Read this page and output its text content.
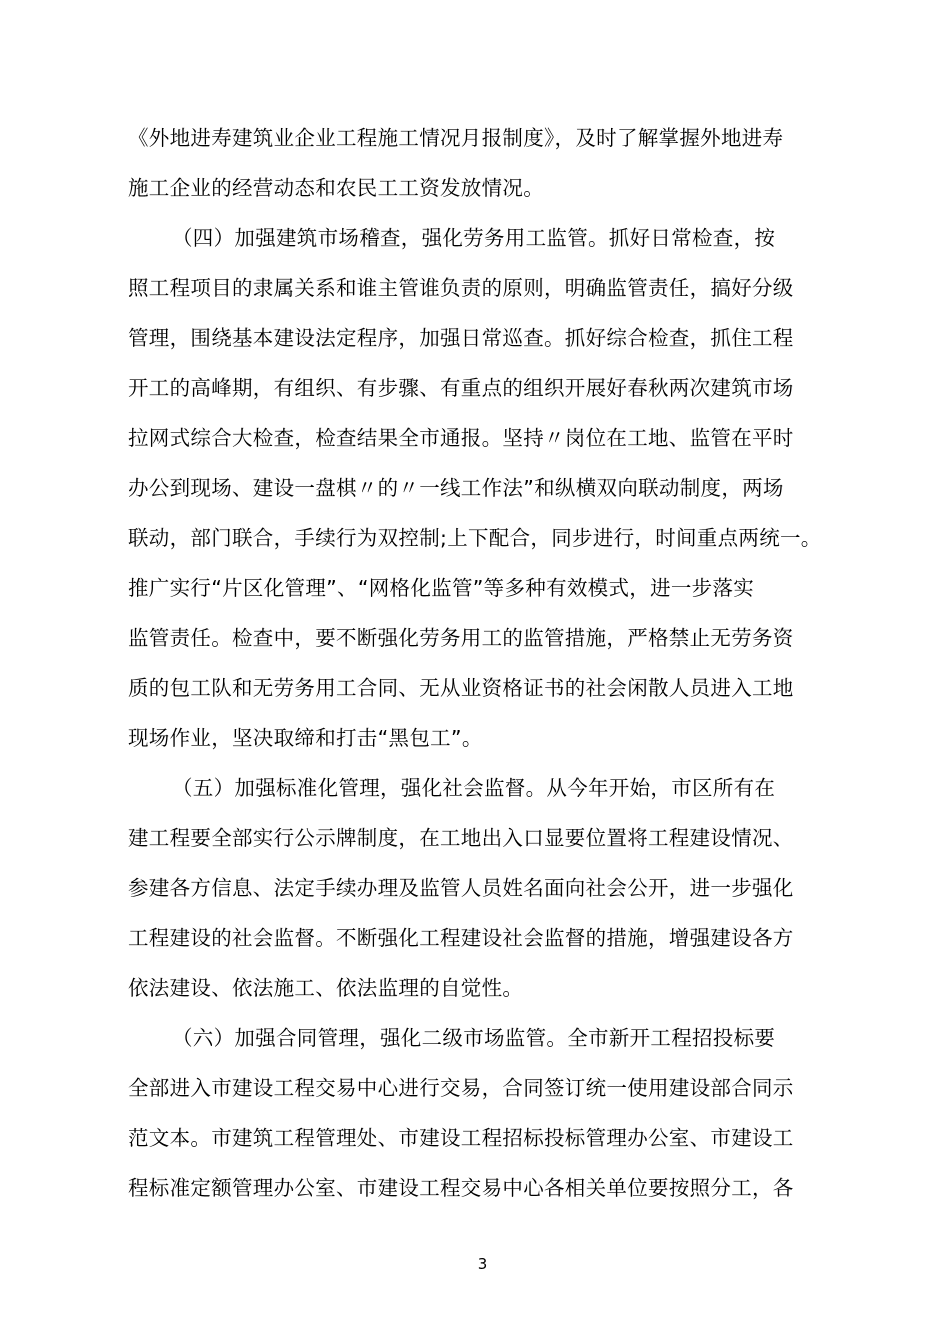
《外地进寿建筑业企业工程施工情况月报制度》，及时了解掌握外地进寿
施工企业的经营动态和农民工工资发放情况。
（四）加强建筑市场稽查，强化劳务用工监管。抓好日常检查，按
照工程项目的隶属关系和谁主管谁负责的原则，明确监管责任，搞好分级
管理，围绕基本建设法定程序，加强日常巡查。抓好综合检查，抓住工程
开工的高峰期，有组织、有步骤、有重点的组织开展好春秋两次建筑市场
拉网式综合大检查，检查结果全市通报。坚持〃岗位在工地、监管在平时
办公到现场、建设一盘棋〃的〃一线工作法”和纵横双向联动制度，两场
联动，部门联合，手续行为双控制;上下配合，同步进行，时间重点两统一。
推广实行“片区化管理”、“网格化监管”等多种有效模式，进一步落实
监管责任。检查中，要不断强化劳务用工的监管措施，严格禁止无劳务资
质的包工队和无劳务用工合同、无从业资格证书的社会闲散人员进入工地
现场作业，坚决取缔和打击“黑包工”。
（五）加强标准化管理，强化社会监督。从今年开始，市区所有在
建工程要全部实行公示牌制度，在工地出入口显要位置将工程建设情况、
参建各方信息、法定手续办理及监管人员姓名面向社会公开，进一步强化
工程建设的社会监督。不断强化工程建设社会监督的措施，增强建设各方
依法建设、依法施工、依法监理的自觉性。
（六）加强合同管理，强化二级市场监管。全市新开工程招投标要
全部进入市建设工程交易中心进行交易，合同签订统一使用建设部合同示
范文本。市建筑工程管理处、市建设工程招标投标管理办公室、市建设工
程标准定额管理办公室、市建设工程交易中心各相关单位要按照分工，各
3
